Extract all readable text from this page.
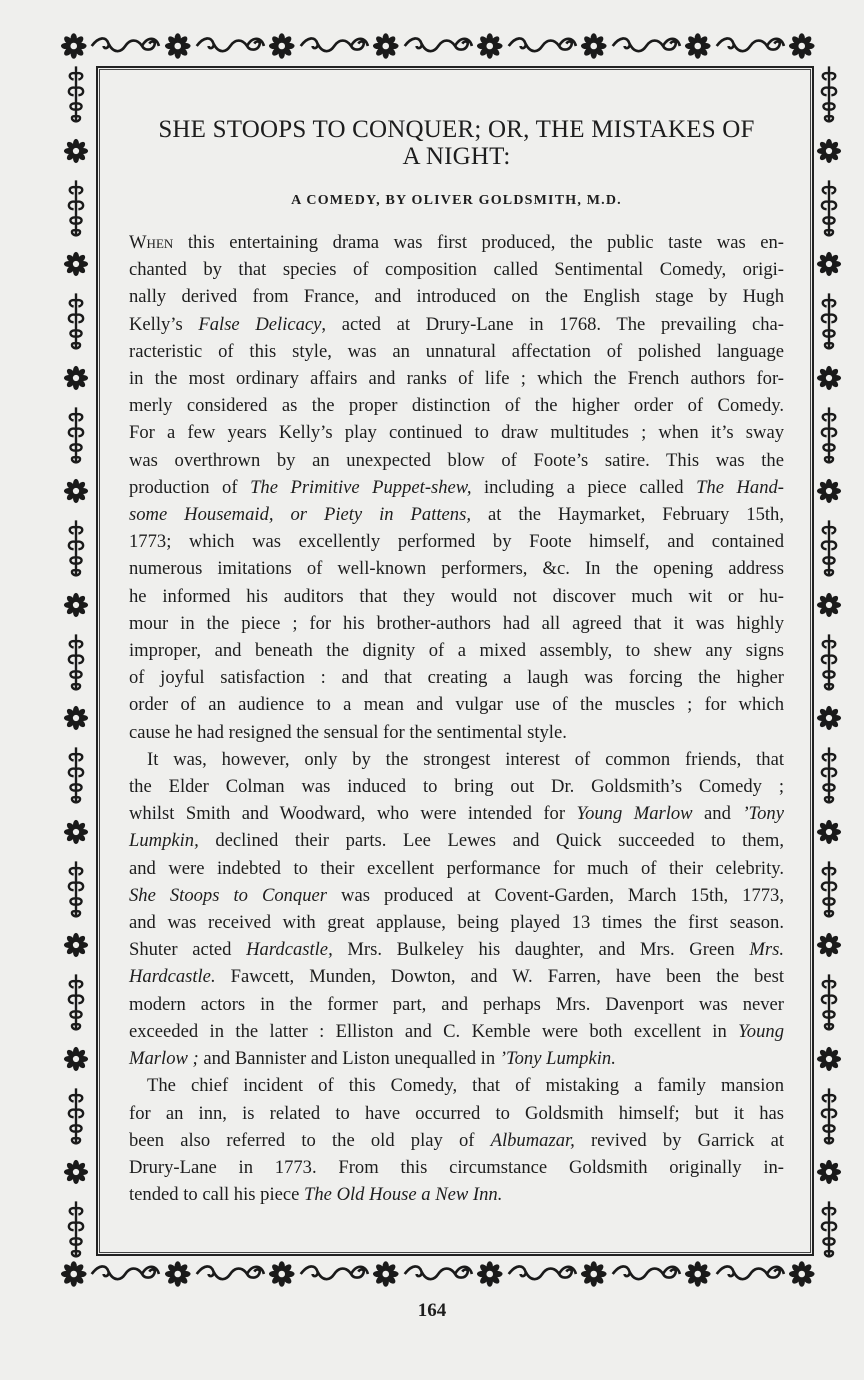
SHE STOOPS TO CONQUER; OR, THE MISTAKES OF
A NIGHT:
A COMEDY, BY OLIVER GOLDSMITH, M.D.
When this entertaining drama was first produced, the public taste was en-
chanted by that species of composition called Sentimental Comedy, origi-
nally derived from France, and introduced on the English stage by Hugh
Kelly’s False Delicacy, acted at Drury-Lane in 1768. The prevailing cha-
racteristic of this style, was an unnatural affectation of polished language
in the most ordinary affairs and ranks of life ; which the French authors for-
merly considered as the proper distinction of the higher order of Comedy.
For a few years Kelly’s play continued to draw multitudes ; when it’s sway
was overthrown by an unexpected blow of Foote’s satire. This was the
production of The Primitive Puppet-shew, including a piece called The Hand-
some Housemaid, or Piety in Pattens, at the Haymarket, February 15th,
1773; which was excellently performed by Foote himself, and contained
numerous imitations of well-known performers, &c. In the opening address
he informed his auditors that they would not discover much wit or hu-
mour in the piece ; for his brother-authors had all agreed that it was highly
improper, and beneath the dignity of a mixed assembly, to shew any signs
of joyful satisfaction : and that creating a laugh was forcing the higher
order of an audience to a mean and vulgar use of the muscles ; for which
cause he had resigned the sensual for the sentimental style.
It was, however, only by the strongest interest of common friends, that
the Elder Colman was induced to bring out Dr. Goldsmith’s Comedy ;
whilst Smith and Woodward, who were intended for Young Marlow and ’Tony
Lumpkin, declined their parts. Lee Lewes and Quick succeeded to them,
and were indebted to their excellent performance for much of their celebrity.
She Stoops to Conquer was produced at Covent-Garden, March 15th, 1773,
and was received with great applause, being played 13 times the first season.
Shuter acted Hardcastle, Mrs. Bulkeley his daughter, and Mrs. Green Mrs.
Hardcastle. Fawcett, Munden, Dowton, and W. Farren, have been the best
modern actors in the former part, and perhaps Mrs. Davenport was never
exceeded in the latter : Elliston and C. Kemble were both excellent in Young
Marlow ; and Bannister and Liston unequalled in ’Tony Lumpkin.
The chief incident of this Comedy, that of mistaking a family mansion
for an inn, is related to have occurred to Goldsmith himself; but it has
been also referred to the old play of Albumazar, revived by Garrick at
Drury-Lane in 1773. From this circumstance Goldsmith originally in-
tended to call his piece The Old House a New Inn.
164
